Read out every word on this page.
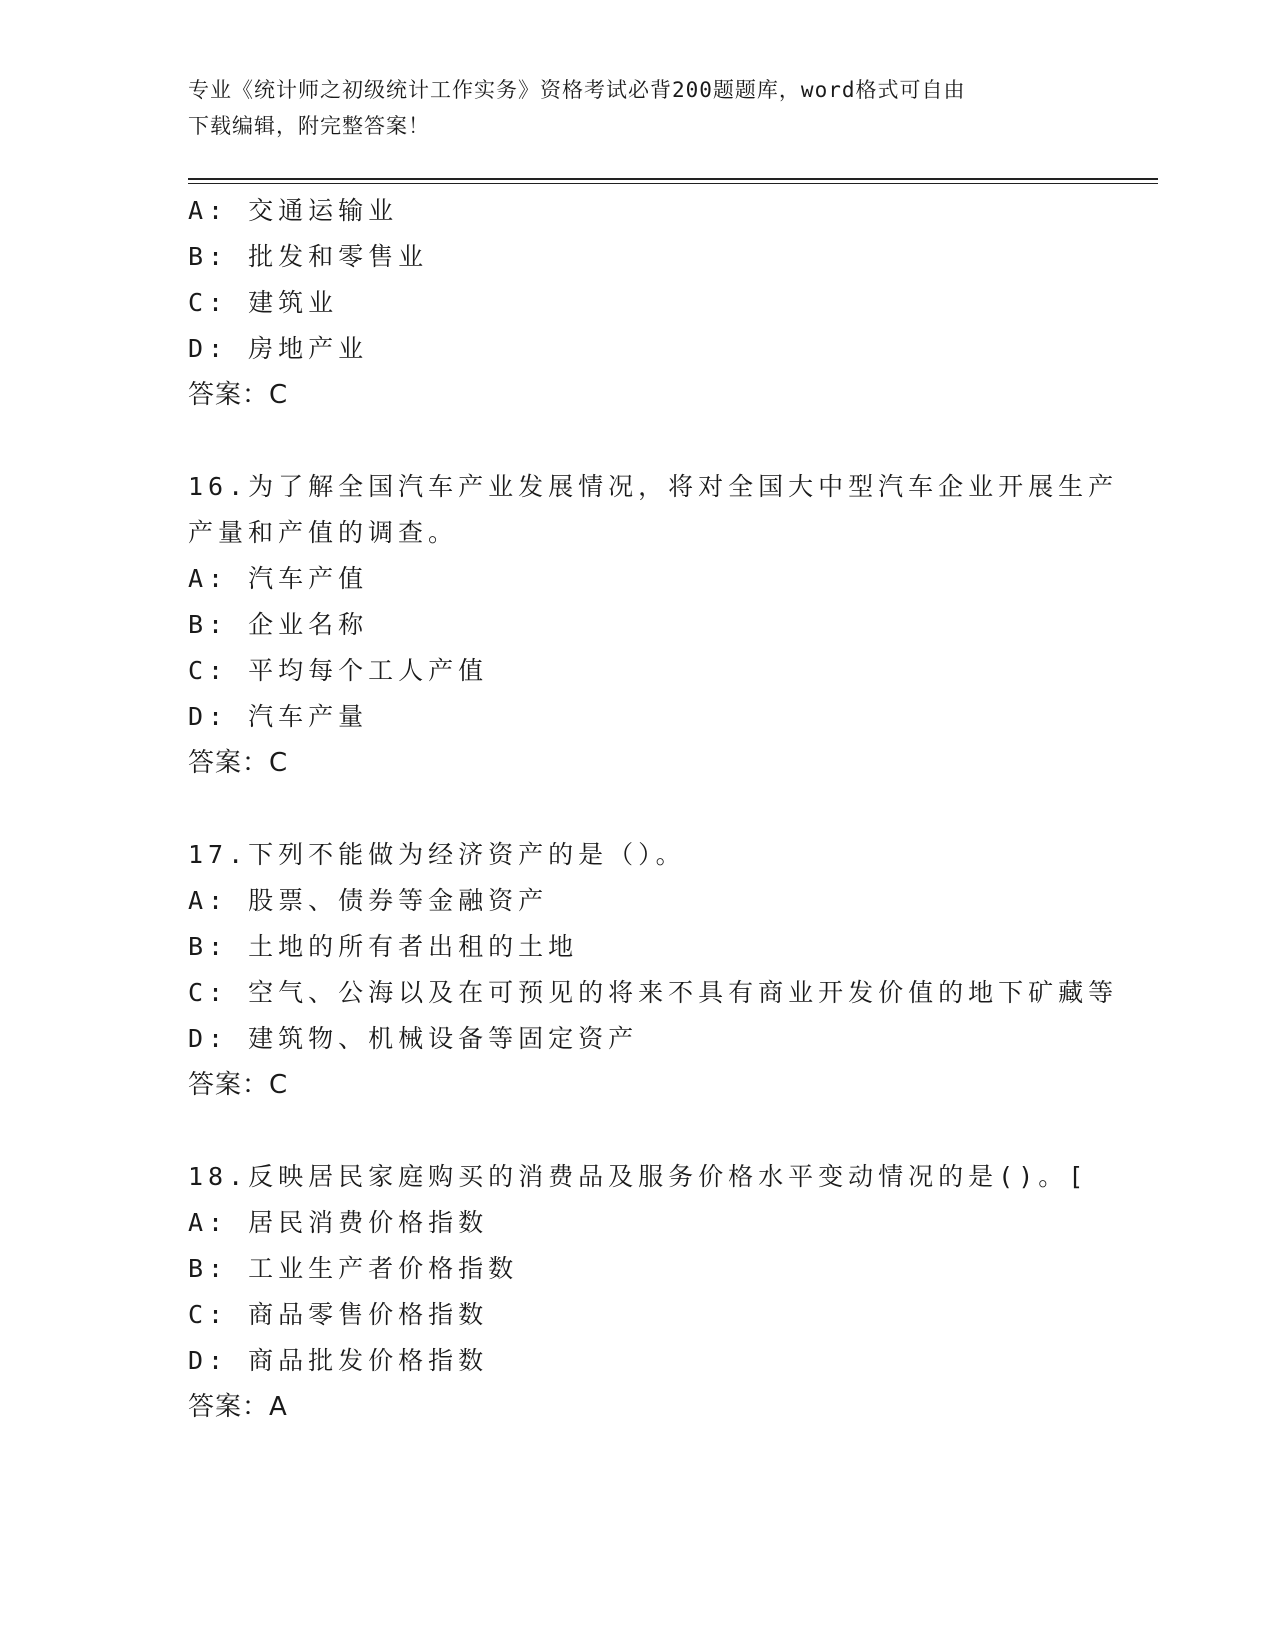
专业《统计师之初级统计工作实务》资格考试必背200题题库，word格式可自由
下载编辑，附完整答案！
A: 交通运输业
B: 批发和零售业
C: 建筑业
D: 房地产业
答案：C
16.为了解全国汽车产业发展情况，将对全国大中型汽车企业开展生产
产量和产值的调查。
A: 汽车产值
B: 企业名称
C: 平均每个工人产值
D: 汽车产量
答案：C
17.下列不能做为经济资产的是（）。
A: 股票、债券等金融资产
B: 土地的所有者出租的土地
C: 空气、公海以及在可预见的将来不具有商业开发价值的地下矿藏等
D: 建筑物、机械设备等固定资产
答案：C
18.反映居民家庭购买的消费品及服务价格水平变动情况的是()。[
A: 居民消费价格指数
B: 工业生产者价格指数
C: 商品零售价格指数
D: 商品批发价格指数
答案：A
